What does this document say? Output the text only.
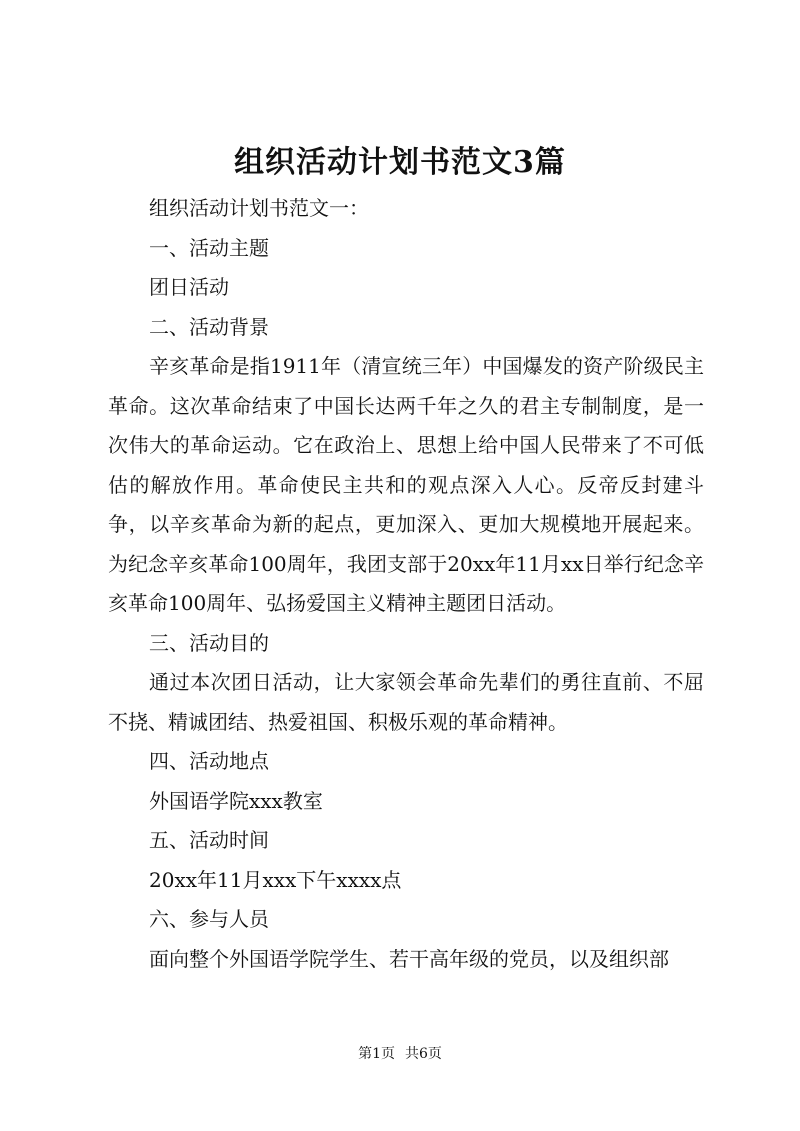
组织活动计划书范文3篇

组织活动计划书范文一：

一、活动主题

团日活动

二、活动背景

辛亥革命是指1911年（清宣统三年）中国爆发的资产阶级民主革命。这次革命结束了中国长达两千年之久的君主专制制度，是一次伟大的革命运动。它在政治上、思想上给中国人民带来了不可低估的解放作用。革命使民主共和的观点深入人心。反帝反封建斗争，以辛亥革命为新的起点，更加深入、更加大规模地开展起来。为纪念辛亥革命100周年，我团支部于20xx年11月xx日举行纪念辛亥革命100周年、弘扬爱国主义精神主题团日活动。

三、活动目的

通过本次团日活动，让大家领会革命先辈们的勇往直前、不屈不挠、精诚团结、热爱祖国、积极乐观的革命精神。

四、活动地点

外国语学院xxx教室

五、活动时间

20xx年11月xxx下午xxxx点

六、参与人员

面向整个外国语学院学生、若干高年级的党员，以及组织部

第1页 共6页
